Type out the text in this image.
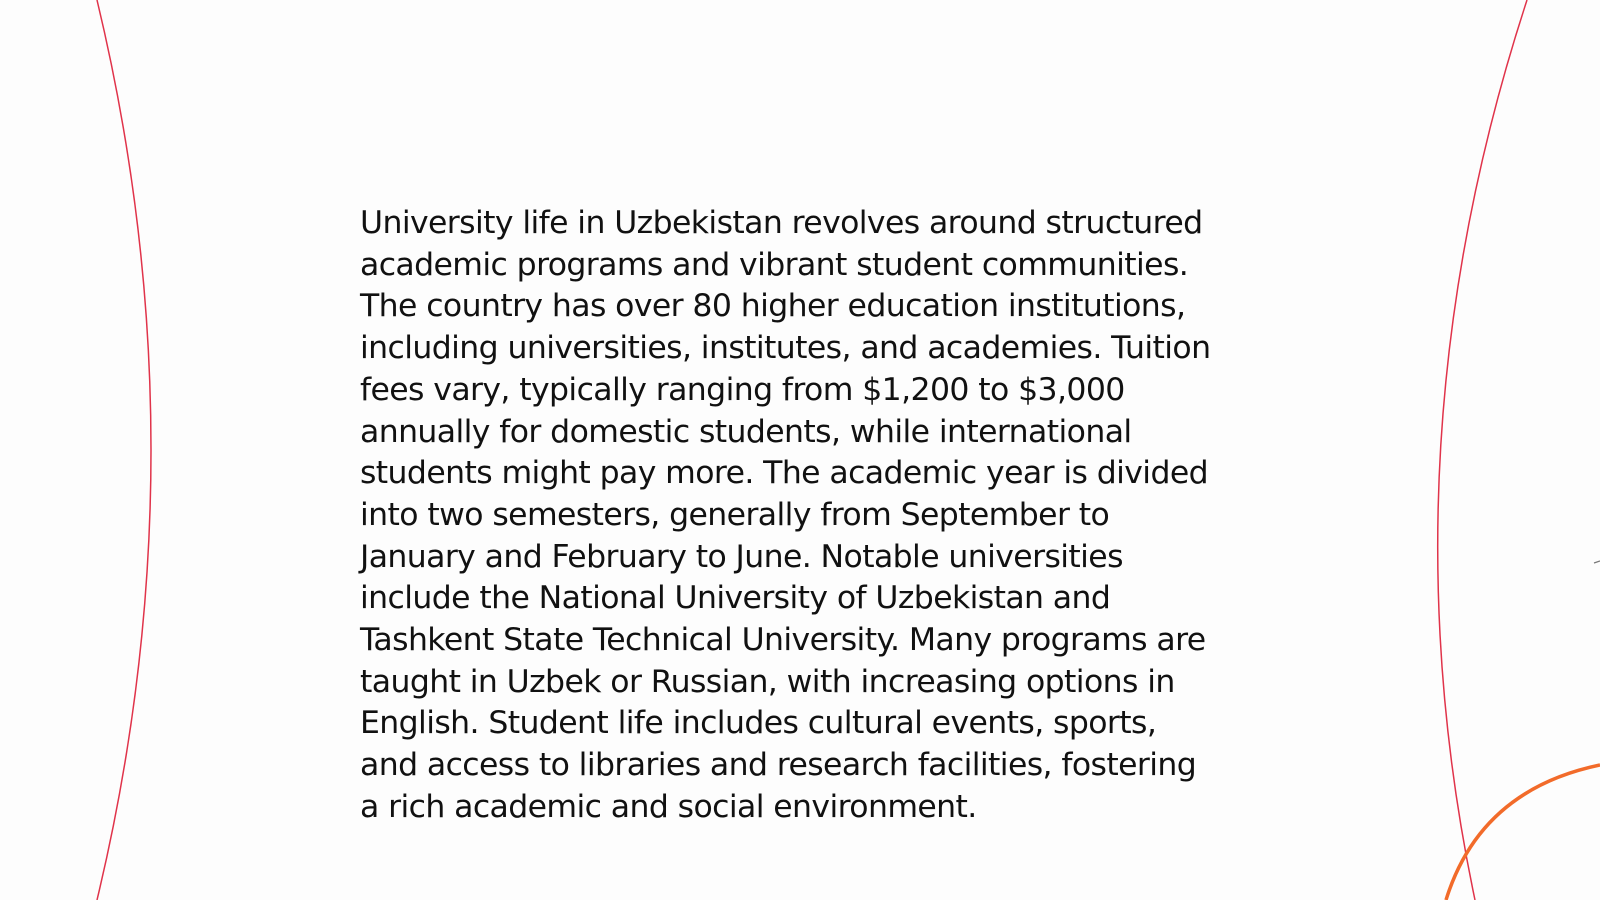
University life in Uzbekistan revolves around structured academic programs and vibrant student communities. The country has over 80 higher education institutions, including universities, institutes, and academies. Tuition fees vary, typically ranging from $1,200 to $3,000 annually for domestic students, while international students might pay more. The academic year is divided into two semesters, generally from September to January and February to June. Notable universities include the National University of Uzbekistan and Tashkent State Technical University. Many programs are taught in Uzbek or Russian, with increasing options in English. Student life includes cultural events, sports, and access to libraries and research facilities, fostering a rich academic and social environment.
